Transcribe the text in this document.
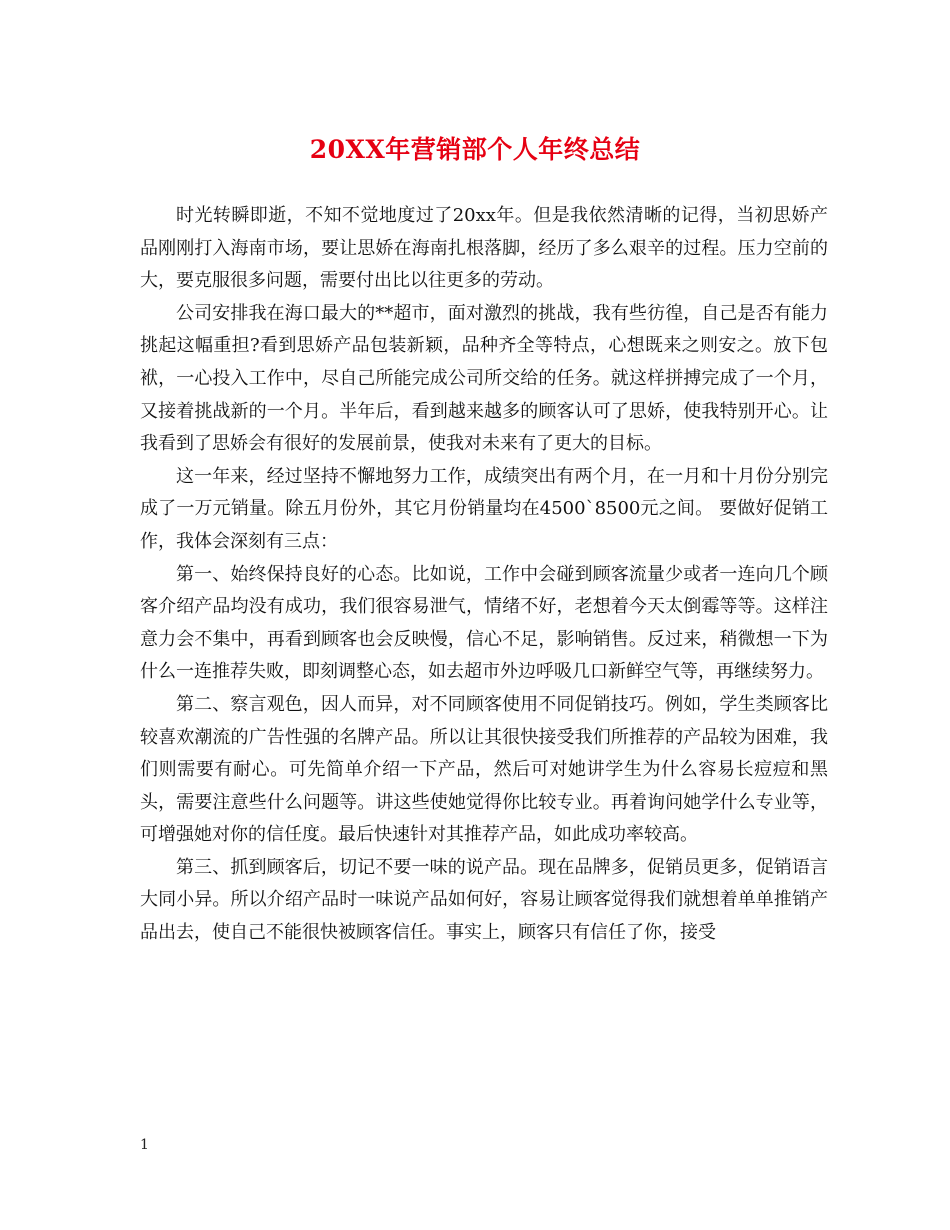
20XX年营销部个人年终总结

时光转瞬即逝，不知不觉地度过了20xx年。但是我依然清晰的记得，当初思娇产品刚刚打入海南市场，要让思娇在海南扎根落脚，经历了多么艰辛的过程。压力空前的大，要克服很多问题，需要付出比以往更多的劳动。

公司安排我在海口最大的**超市，面对激烈的挑战，我有些彷徨，自己是否有能力挑起这幅重担?看到思娇产品包装新颖，品种齐全等特点，心想既来之则安之。放下包袱，一心投入工作中，尽自己所能完成公司所交给的任务。就这样拼搏完成了一个月，又接着挑战新的一个月。半年后，看到越来越多的顾客认可了思娇，使我特别开心。让我看到了思娇会有很好的发展前景，使我对未来有了更大的目标。

这一年来，经过坚持不懈地努力工作，成绩突出有两个月，在一月和十月份分别完成了一万元销量。除五月份外，其它月份销量均在4500`8500元之间。 要做好促销工作，我体会深刻有三点：

第一、始终保持良好的心态。比如说，工作中会碰到顾客流量少或者一连向几个顾客介绍产品均没有成功，我们很容易泄气，情绪不好，老想着今天太倒霉等等。这样注意力会不集中，再看到顾客也会反映慢，信心不足，影响销售。反过来，稍微想一下为什么一连推荐失败，即刻调整心态，如去超市外边呼吸几口新鲜空气等，再继续努力。

第二、察言观色，因人而异，对不同顾客使用不同促销技巧。例如，学生类顾客比较喜欢潮流的广告性强的名牌产品。所以让其很快接受我们所推荐的产品较为困难，我们则需要有耐心。可先简单介绍一下产品，然后可对她讲学生为什么容易长痘痘和黑头，需要注意些什么问题等。讲这些使她觉得你比较专业。再着询问她学什么专业等，可增强她对你的信任度。最后快速针对其推荐产品，如此成功率较高。

第三、抓到顾客后，切记不要一味的说产品。现在品牌多，促销员更多，促销语言大同小异。所以介绍产品时一味说产品如何好，容易让顾客觉得我们就想着单单推销产品出去，使自己不能很快被顾客信任。事实上，顾客只有信任了你，接受

1
